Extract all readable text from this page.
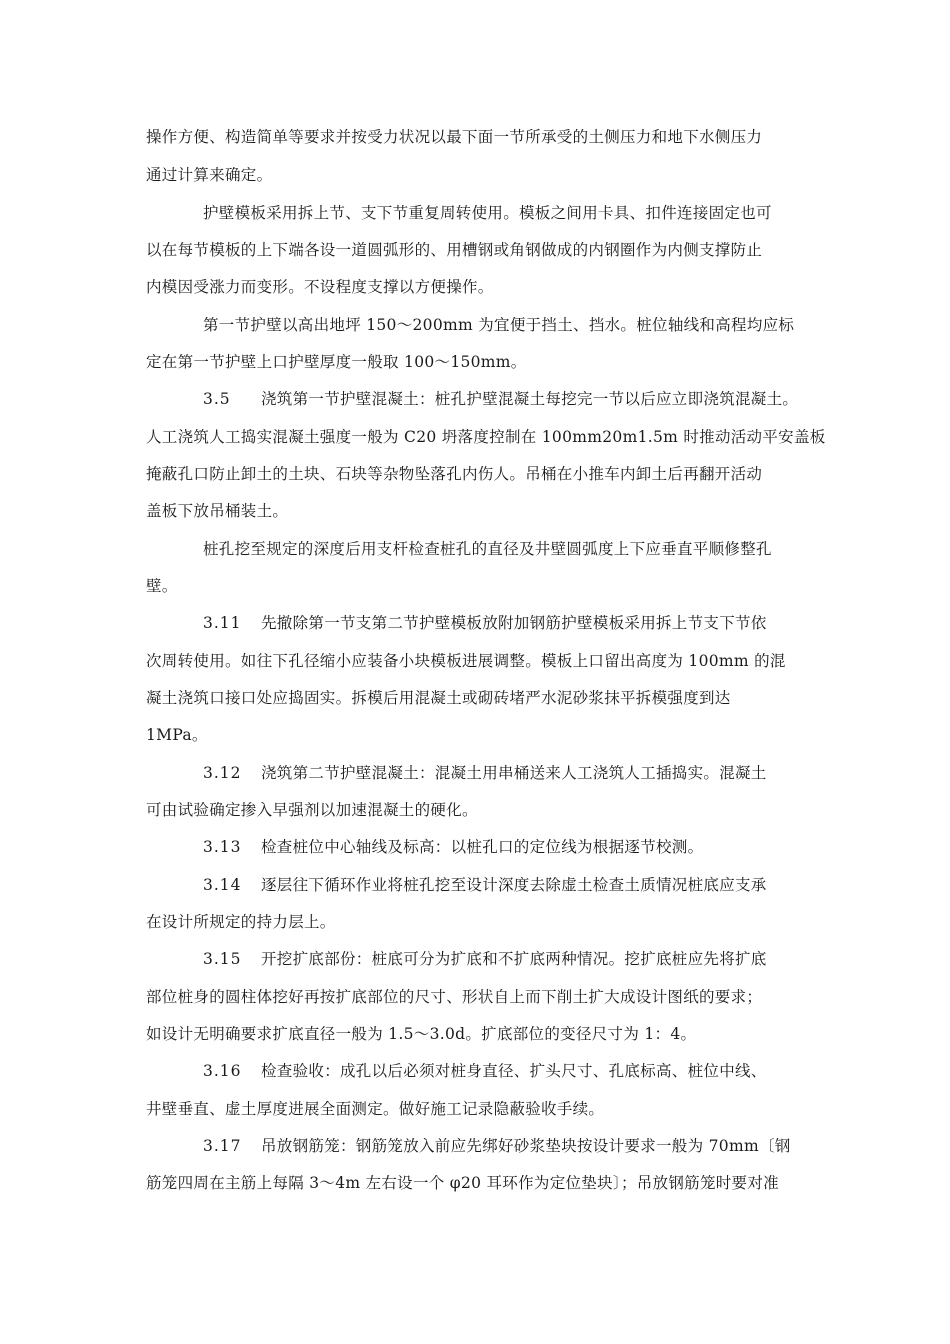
操作方便、构造简单等要求并按受力状况以最下面一节所承受的土侧压力和地下水侧压力
通过计算来确定。
护壁模板采用拆上节、支下节重复周转使用。模板之间用卡具、扣件连接固定也可
以在每节模板的上下端各设一道圆弧形的、用槽钢或角钢做成的内钢圈作为内侧支撑防止
内模因受涨力而变形。不设程度支撑以方便操作。
第一节护壁以高出地坪 150～200mm 为宜便于挡土、挡水。桩位轴线和高程均应标
定在第一节护壁上口护壁厚度一般取 100～150mm。
3.5 浇筑第一节护壁混凝土：桩孔护壁混凝土每挖完一节以后应立即浇筑混凝土。
人工浇筑人工捣实混凝土强度一般为 C20 坍落度控制在 100mm20m1.5m 时推动活动平安盖板
掩蔽孔口防止卸土的土块、石块等杂物坠落孔内伤人。吊桶在小推车内卸土后再翻开活动
盖板下放吊桶装土。
桩孔挖至规定的深度后用支杆检查桩孔的直径及井壁圆弧度上下应垂直平顺修整孔
壁。
3.11 先撤除第一节支第二节护壁模板放附加钢筋护壁模板采用拆上节支下节依
次周转使用。如往下孔径缩小应装备小块模板进展调整。模板上口留出高度为 100mm 的混
凝土浇筑口接口处应捣固实。拆模后用混凝土或砌砖堵严水泥砂浆抹平拆模强度到达
1MPa。
3.12 浇筑第二节护壁混凝土：混凝土用串桶送来人工浇筑人工插捣实。混凝土
可由试验确定掺入早强剂以加速混凝土的硬化。
3.13 检查桩位中心轴线及标高：以桩孔口的定位线为根据逐节校测。
3.14 逐层往下循环作业将桩孔挖至设计深度去除虚土检查土质情况桩底应支承
在设计所规定的持力层上。
3.15 开挖扩底部份：桩底可分为扩底和不扩底两种情况。挖扩底桩应先将扩底
部位桩身的圆柱体挖好再按扩底部位的尺寸、形状自上而下削土扩大成设计图纸的要求；
如设计无明确要求扩底直径一般为 1.5～3.0d。扩底部位的变径尺寸为 1：4。
3.16 检查验收：成孔以后必须对桩身直径、扩头尺寸、孔底标高、桩位中线、
井壁垂直、虚土厚度进展全面测定。做好施工记录隐蔽验收手续。
3.17 吊放钢筋笼：钢筋笼放入前应先绑好砂浆垫块按设计要求一般为 70mm〔钢
筋笼四周在主筋上每隔 3～4m 左右设一个 φ20 耳环作为定位垫块〕；吊放钢筋笼时要对准
